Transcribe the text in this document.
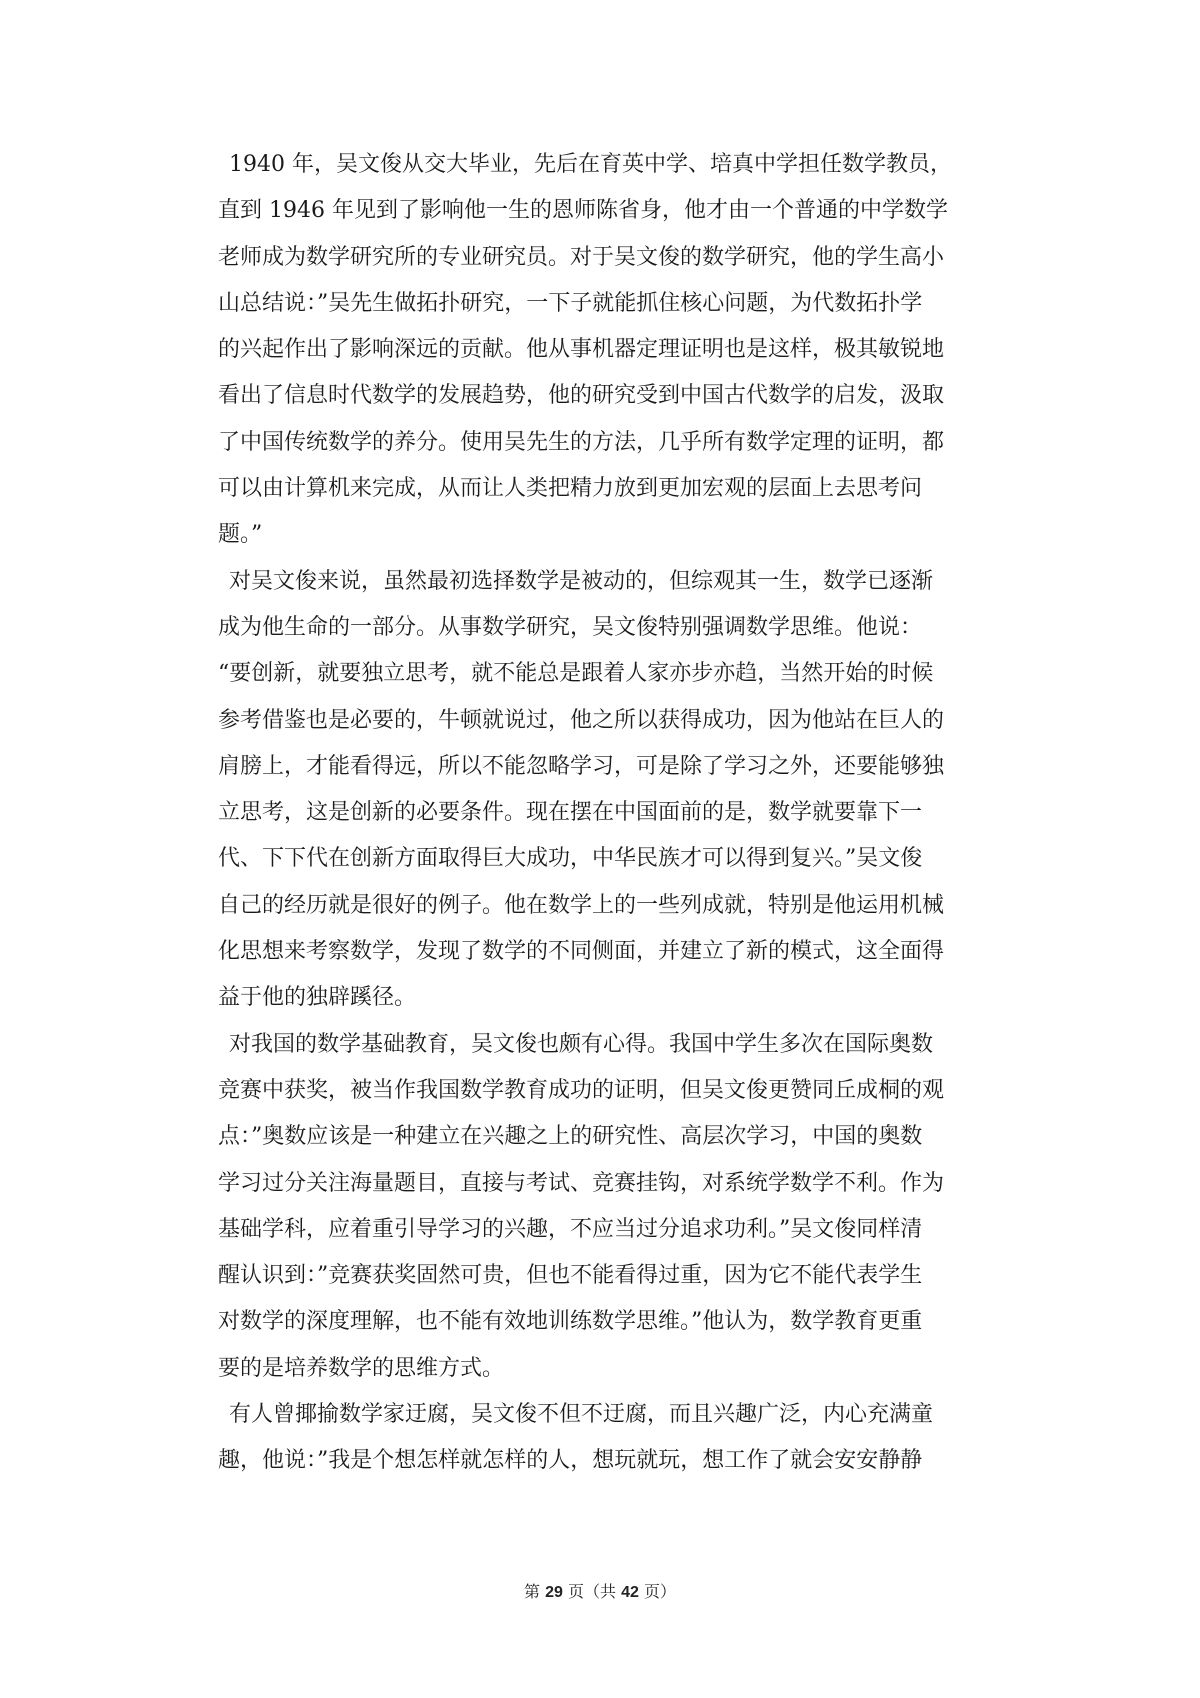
1940 年，吴文俊从交大毕业，先后在育英中学、培真中学担任数学教员，
直到 1946 年见到了影响他一生的恩师陈省身，他才由一个普通的中学数学
老师成为数学研究所的专业研究员。对于吴文俊的数学研究，他的学生高小
山总结说：”吴先生做拓扑研究，一下子就能抓住核心问题，为代数拓扑学
的兴起作出了影响深远的贡献。他从事机器定理证明也是这样，极其敏锐地
看出了信息时代数学的发展趋势，他的研究受到中国古代数学的启发，汲取
了中国传统数学的养分。使用吴先生的方法，几乎所有数学定理的证明，都
可以由计算机来完成，从而让人类把精力放到更加宏观的层面上去思考问
题。”
对吴文俊来说，虽然最初选择数学是被动的，但综观其一生，数学已逐渐
成为他生命的一部分。从事数学研究，吴文俊特别强调数学思维。他说：
“要创新，就要独立思考，就不能总是跟着人家亦步亦趋，当然开始的时候
参考借鉴也是必要的，牛顿就说过，他之所以获得成功，因为他站在巨人的
肩膀上，才能看得远，所以不能忽略学习，可是除了学习之外，还要能够独
立思考，这是创新的必要条件。现在摆在中国面前的是，数学就要靠下一
代、下下代在创新方面取得巨大成功，中华民族才可以得到复兴。”吴文俊
自己的经历就是很好的例子。他在数学上的一些列成就，特别是他运用机械
化思想来考察数学，发现了数学的不同侧面，并建立了新的模式，这全面得
益于他的独辟蹊径。
对我国的数学基础教育，吴文俊也颇有心得。我国中学生多次在国际奥数
竞赛中获奖，被当作我国数学教育成功的证明，但吴文俊更赞同丘成桐的观
点：”奥数应该是一种建立在兴趣之上的研究性、高层次学习，中国的奥数
学习过分关注海量题目，直接与考试、竞赛挂钩，对系统学数学不利。作为
基础学科，应着重引导学习的兴趣，不应当过分追求功利。”吴文俊同样清
醒认识到：”竞赛获奖固然可贵，但也不能看得过重，因为它不能代表学生
对数学的深度理解，也不能有效地训练数学思维。”他认为，数学教育更重
要的是培养数学的思维方式。
有人曾揶揄数学家迂腐，吴文俊不但不迂腐，而且兴趣广泛，内心充满童
趣，他说：”我是个想怎样就怎样的人，想玩就玩，想工作了就会安安静静
第 29 页（共 42 页）
